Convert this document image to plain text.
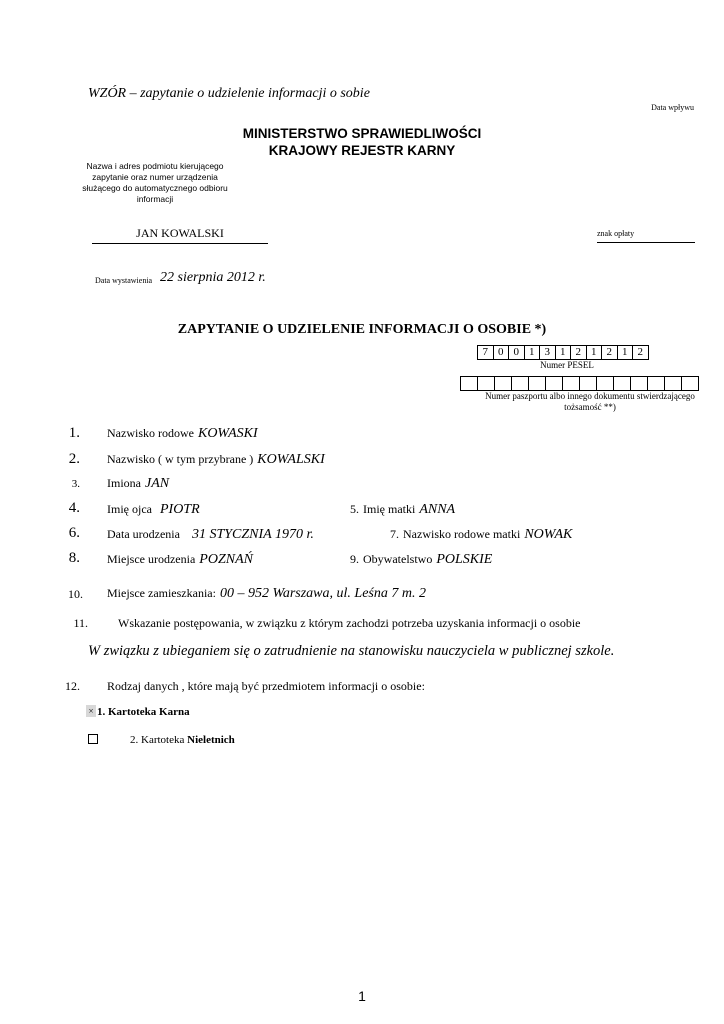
WZÓR – zapytanie o udzielenie informacji o sobie
Data wpływu
MINISTERSTWO SPRAWIEDLIWOŚCI
KRAJOWY REJESTR KARNY
Nazwa i adres podmiotu kierującego zapytanie oraz numer urządzenia służącego do automatycznego odbioru informacji
JAN KOWALSKI	znak opłaty
Data wystawienia 22 sierpnia 2012 r.
ZAPYTANIE O UDZIELENIE INFORMACJI O OSOBIE *)
7 0 0 1 3 1 2 1 2 1 2
Numer PESEL
Numer paszportu albo innego dokumentu stwierdzającego tożsamość **)
1. Nazwisko rodowe KOWASKI
2. Nazwisko ( w tym przybrane ) KOWALSKI
3. Imiona JAN
4. Imię ojca PIOTR	5. Imię matki ANNA
6. Data urodzenia 31 STYCZNIA 1970 r.	7. Nazwisko rodowe matki NOWAK
8. Miejsce urodzenia POZNAŃ	9. Obywatelstwo POLSKIE
10. Miejsce zamieszkania: 00 – 952 Warszawa, ul. Leśna 7 m. 2
11.	Wskazanie postępowania, w związku z którym zachodzi potrzeba uzyskania informacji o osobie
W związku z ubieganiem się o zatrudnienie na stanowisku nauczyciela w publicznej szkole.
12. Rodzaj danych , które mają być przedmiotem informacji o osobie:
× 1. Kartoteka Karna
2. Kartoteka Nieletnich
1
